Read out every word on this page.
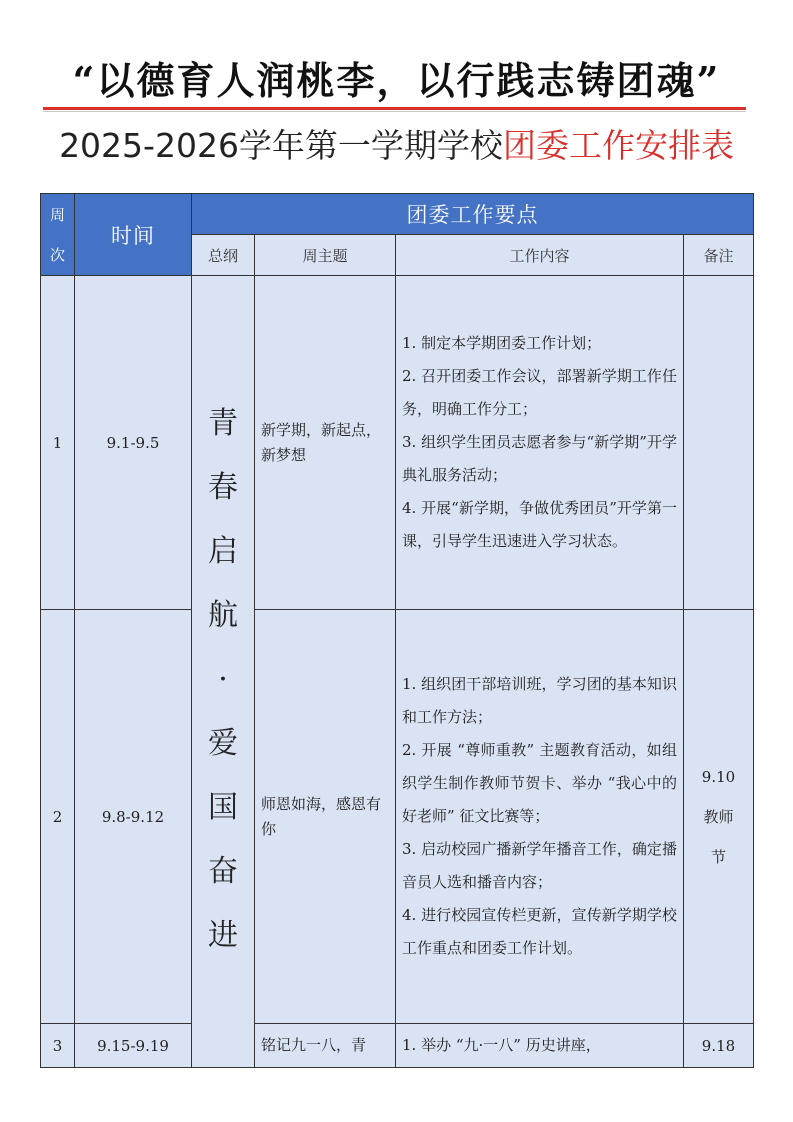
“以德育人润桃李，以行践志铸团魂”
2025-2026学年第一学期学校团委工作安排表
周次	时间	团委工作要点			
		总纲	周主题	工作内容	备注
1	9.1-9.5	青春启航·爱国奋进	新学期，新起点，新梦想	1. 制定本学期团委工作计划；
2. 召开团委工作会议，部署新学期工作任务，明确工作分工；
3. 组织学生团员志愿者参与“新学期”开学典礼服务活动；
4. 开展“新学期，争做优秀团员”开学第一课，引导学生迅速进入学习状态。	

2	9.8-9.12		师恩如海，感恩有你	1. 组织团干部培训班，学习团的基本知识和工作方法；
2. 开展 “尊师重教” 主题教育活动，如组织学生制作教师节贺卡、举办 “我心中的好老师” 征文比赛等；
3. 启动校园广播新学年播音工作，确定播音员人选和播音内容；
4. 进行校园宣传栏更新，宣传新学期学校工作重点和团委工作计划。	9.10教师节

3	9.15-9.19		铭记九一八，青	1. 举办 “九·一八” 历史讲座，	9.18
